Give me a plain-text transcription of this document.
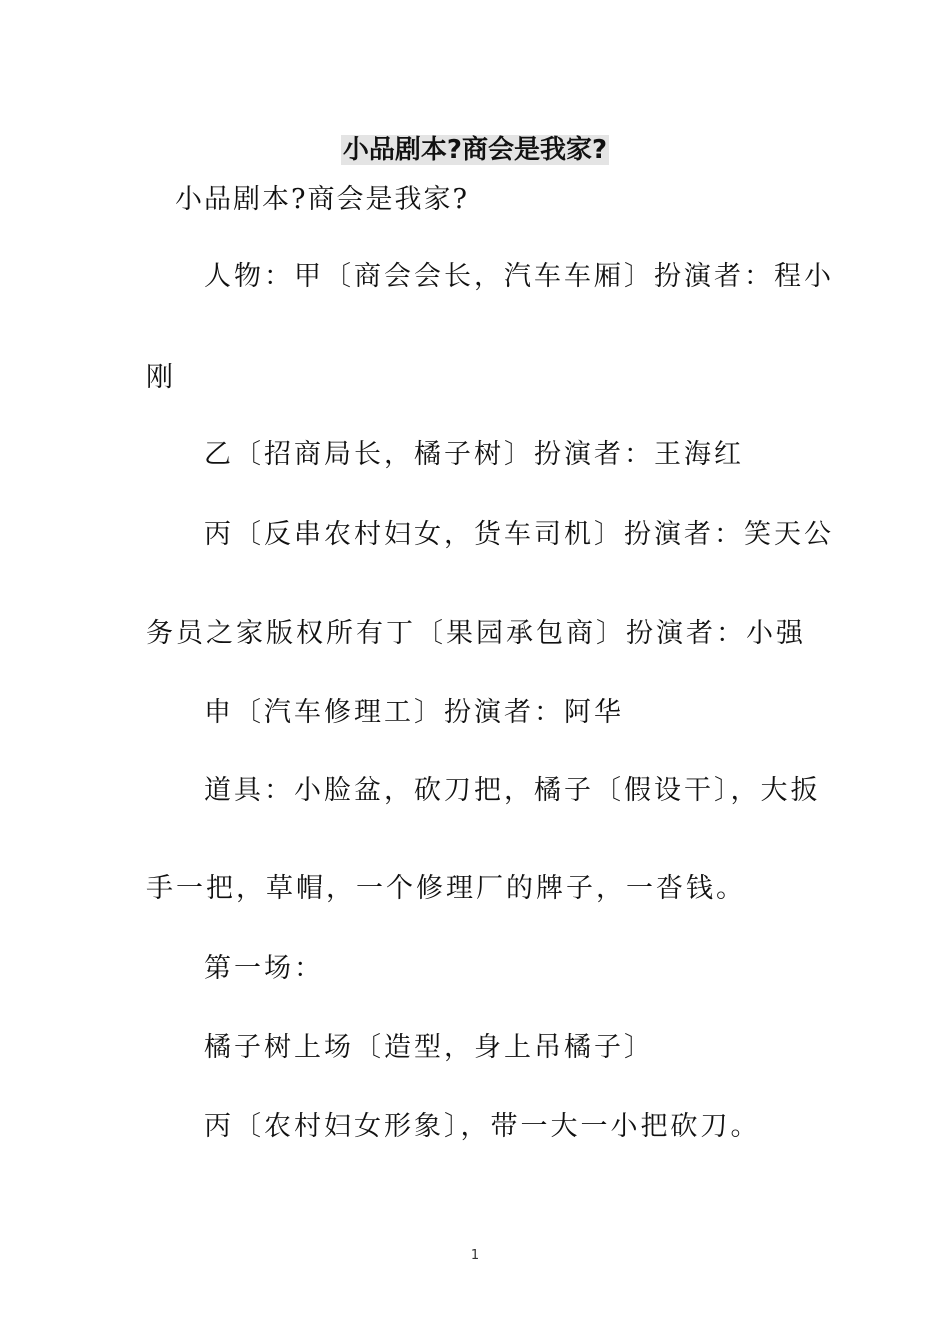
小品剧本?商会是我家?
小品剧本?商会是我家?
人物：甲〔商会会长，汽车车厢〕扮演者：程小
刚
乙〔招商局长，橘子树〕扮演者：王海红
丙〔反串农村妇女，货车司机〕扮演者：笑天公
务员之家版权所有丁〔果园承包商〕扮演者：小强
申〔汽车修理工〕扮演者：阿华
道具：小脸盆，砍刀把，橘子〔假设干〕，大扳
手一把，草帽，一个修理厂的牌子，一沓钱。
第一场：
橘子树上场〔造型，身上吊橘子〕
丙〔农村妇女形象〕，带一大一小把砍刀。
1
